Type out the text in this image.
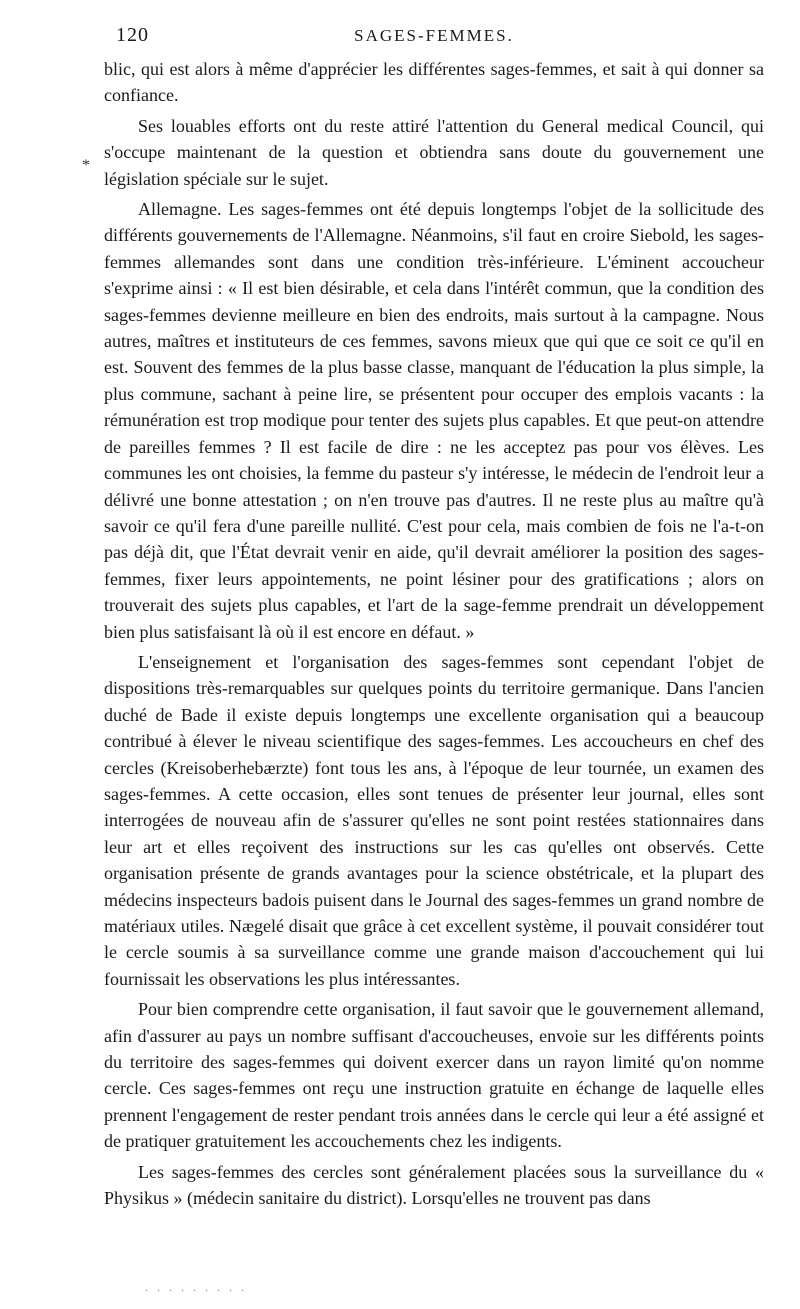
120	SAGES-FEMMES.

blic, qui est alors à même d'apprécier les différentes sages-femmes, et sait à qui donner sa confiance.

Ses louables efforts ont du reste attiré l'attention du General medical Council, qui s'occupe maintenant de la question et obtiendra sans doute du gouvernement une législation spéciale sur le sujet.

Allemagne. Les sages-femmes ont été depuis longtemps l'objet de la sollicitude des différents gouvernements de l'Allemagne. Néanmoins, s'il faut en croire Siebold, les sages-femmes allemandes sont dans une condition très-inférieure. L'éminent accoucheur s'exprime ainsi : « Il est bien désirable, et cela dans l'intérêt commun, que la condition des sages-femmes devienne meilleure en bien des endroits, mais surtout à la campagne. Nous autres, maîtres et instituteurs de ces femmes, savons mieux que qui que ce soit ce qu'il en est. Souvent des femmes de la plus basse classe, manquant de l'éducation la plus simple, la plus commune, sachant à peine lire, se présentent pour occuper des emplois vacants : la rémunération est trop modique pour tenter des sujets plus capables. Et que peut-on attendre de pareilles femmes ? Il est facile de dire : ne les acceptez pas pour vos élèves. Les communes les ont choisies, la femme du pasteur s'y intéresse, le médecin de l'endroit leur a délivré une bonne attestation ; on n'en trouve pas d'autres. Il ne reste plus au maître qu'à savoir ce qu'il fera d'une pareille nullité. C'est pour cela, mais combien de fois ne l'a-t-on pas déjà dit, que l'État devrait venir en aide, qu'il devrait améliorer la position des sages-femmes, fixer leurs appointements, ne point lésiner pour des gratifications ; alors on trouverait des sujets plus capables, et l'art de la sage-femme prendrait un développement bien plus satisfaisant là où il est encore en défaut. »

L'enseignement et l'organisation des sages-femmes sont cependant l'objet de dispositions très-remarquables sur quelques points du territoire germanique. Dans l'ancien duché de Bade il existe depuis longtemps une excellente organisation qui a beaucoup contribué à élever le niveau scientifique des sages-femmes. Les accoucheurs en chef des cercles (Kreisoberhebærzte) font tous les ans, à l'époque de leur tournée, un examen des sages-femmes. A cette occasion, elles sont tenues de présenter leur journal, elles sont interrogées de nouveau afin de s'assurer qu'elles ne sont point restées stationnaires dans leur art et elles reçoivent des instructions sur les cas qu'elles ont observés. Cette organisation présente de grands avantages pour la science obstétricale, et la plupart des médecins inspecteurs badois puisent dans le Journal des sages-femmes un grand nombre de matériaux utiles. Nægelé disait que grâce à cet excellent système, il pouvait considérer tout le cercle soumis à sa surveillance comme une grande maison d'accouchement qui lui fournissait les observations les plus intéressantes.

Pour bien comprendre cette organisation, il faut savoir que le gouvernement allemand, afin d'assurer au pays un nombre suffisant d'accoucheuses, envoie sur les différents points du territoire des sages-femmes qui doivent exercer dans un rayon limité qu'on nomme cercle. Ces sages-femmes ont reçu une instruction gratuite en échange de laquelle elles prennent l'engagement de rester pendant trois années dans le cercle qui leur a été assigné et de pratiquer gratuitement les accouchements chez les indigents.

Les sages-femmes des cercles sont généralement placées sous la surveillance du « Physikus » (médecin sanitaire du district). Lorsqu'elles ne trouvent pas dans

*
. . . . . . . . .
